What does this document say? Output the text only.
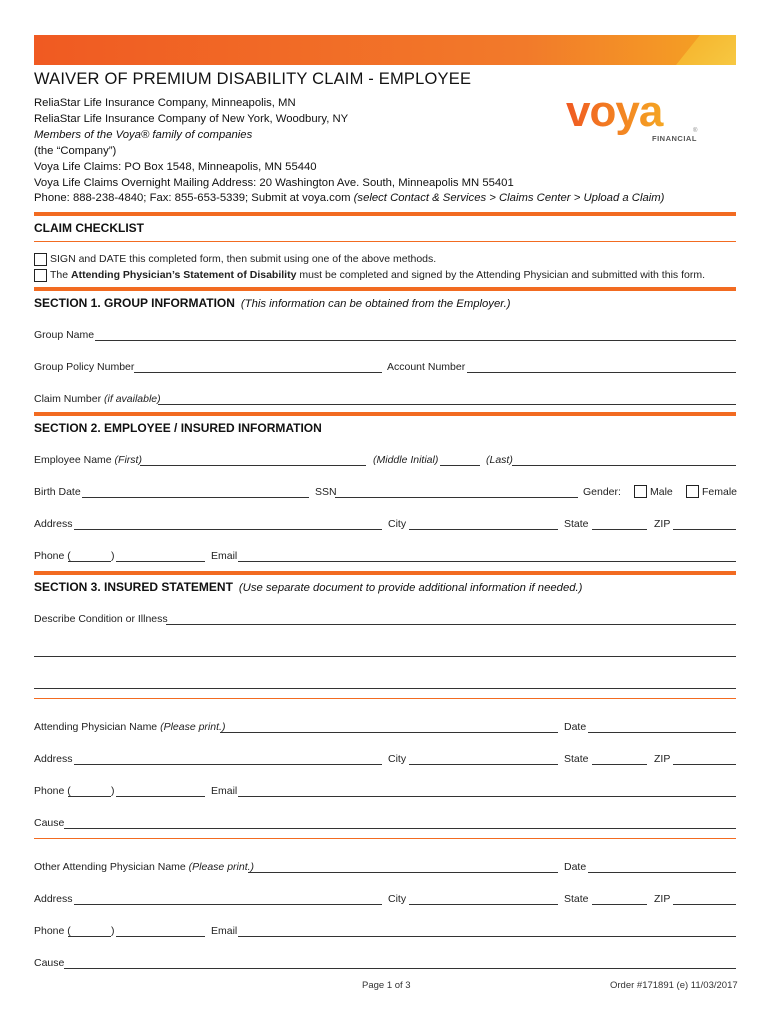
WAIVER OF PREMIUM DISABILITY CLAIM - EMPLOYEE
ReliaStar Life Insurance Company, Minneapolis, MN
ReliaStar Life Insurance Company of New York, Woodbury, NY
Members of the Voya® family of companies
(the “Company”)
Voya Life Claims: PO Box 1548, Minneapolis, MN 55440
Voya Life Claims Overnight Mailing Address: 20 Washington Ave. South, Minneapolis MN 55401
Phone: 888-238-4840; Fax: 855-653-5339; Submit at voya.com (select Contact & Services > Claims Center > Upload a Claim)
voya	®
FINANCIAL
CLAIM CHECKLIST
SIGN and DATE this completed form, then submit using one of the above methods.
The Attending Physician’s Statement of Disability must be completed and signed by the Attending Physician and submitted with this form.
SECTION 1. GROUP INFORMATION (This information can be obtained from the Employer.)
Group Name
Group Policy Number	Account Number
Claim Number (if available)
SECTION 2. EMPLOYEE / INSURED INFORMATION
Employee Name (First)	(Middle Initial)	(Last)
Birth Date	SSN	Gender:	Male	Female
Address	City	State	ZIP
Phone (	)	Email
SECTION 3. INSURED STATEMENT (Use separate document to provide additional information if needed.)
Describe Condition or Illness
Attending Physician Name (Please print.)	Date
Address	City	State	ZIP
Phone (	)	Email
Cause
Other Attending Physician Name (Please print.)	Date
Address	City	State	ZIP
Phone (	)	Email
Cause
Page 1 of 3	Order #171891 (e) 11/03/2017
